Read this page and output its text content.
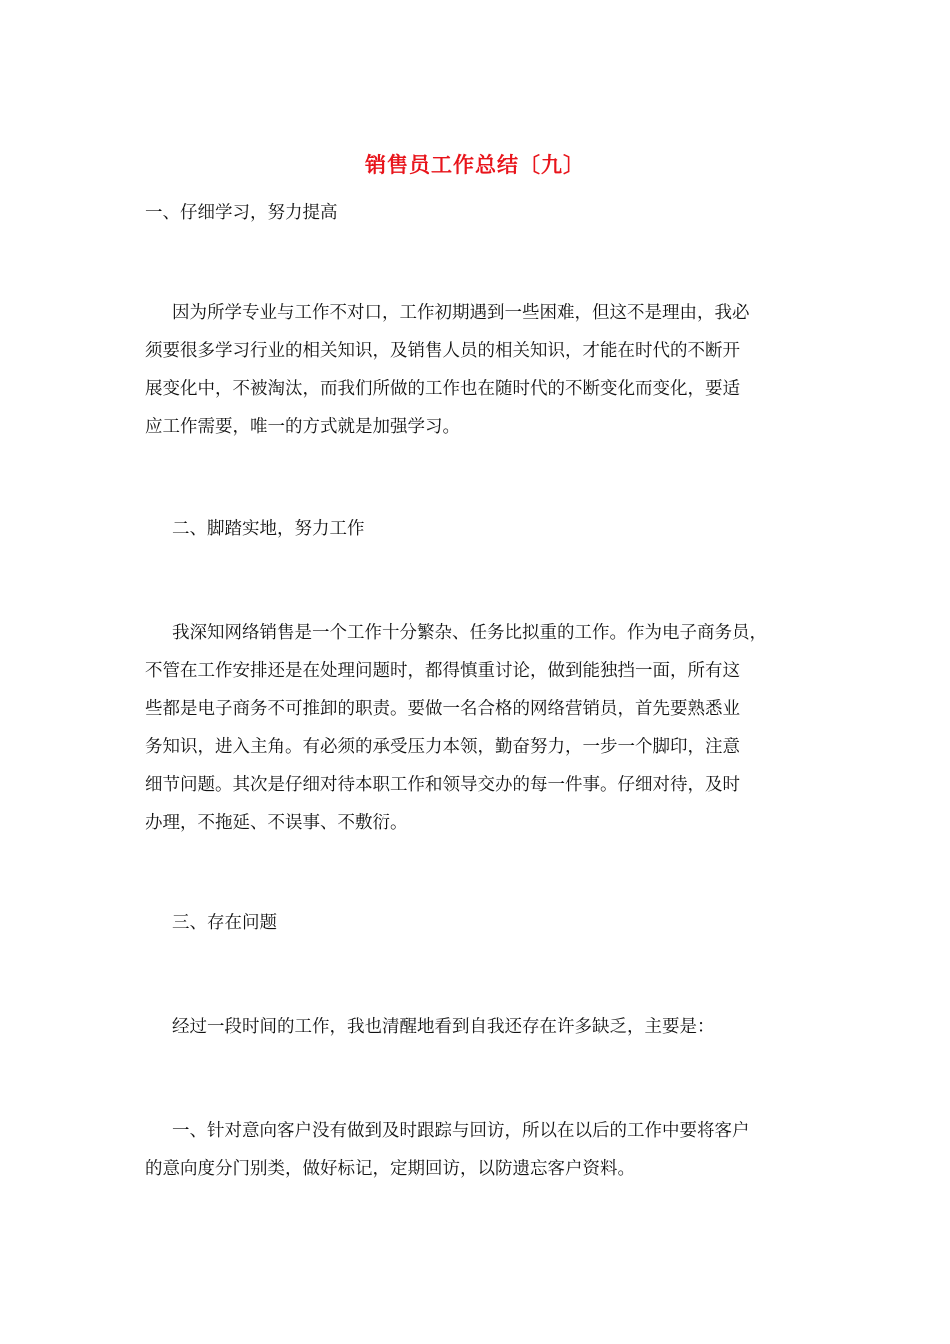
销售员工作总结〔九〕
一、仔细学习，努力提高
因为所学专业与工作不对口，工作初期遇到一些困难，但这不是理由，我必
须要很多学习行业的相关知识，及销售人员的相关知识，才能在时代的不断开
展变化中，不被淘汰，而我们所做的工作也在随时代的不断变化而变化，要适
应工作需要，唯一的方式就是加强学习。
二、脚踏实地，努力工作
我深知网络销售是一个工作十分繁杂、任务比拟重的工作。作为电子商务员，
不管在工作安排还是在处理问题时，都得慎重讨论，做到能独挡一面，所有这
些都是电子商务不可推卸的职责。要做一名合格的网络营销员，首先要熟悉业
务知识，进入主角。有必须的承受压力本领，勤奋努力，一步一个脚印，注意
细节问题。其次是仔细对待本职工作和领导交办的每一件事。仔细对待，及时
办理，不拖延、不误事、不敷衍。
三、存在问题
经过一段时间的工作，我也清醒地看到自我还存在许多缺乏，主要是：
一、针对意向客户没有做到及时跟踪与回访，所以在以后的工作中要将客户
的意向度分门别类，做好标记，定期回访，以防遗忘客户资料。
